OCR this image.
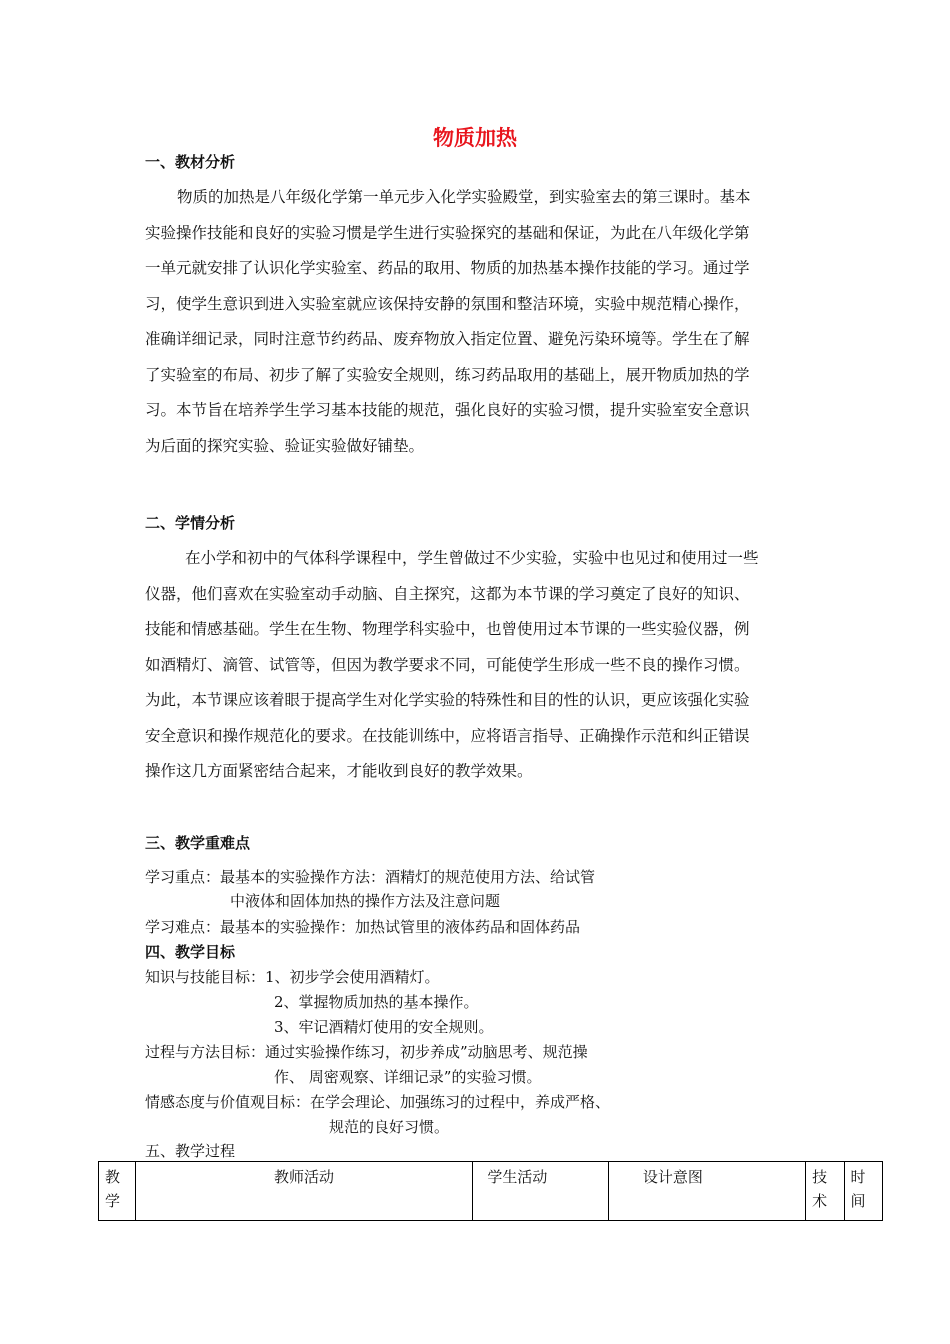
物质加热
一、教材分析
物质的加热是八年级化学第一单元步入化学实验殿堂，到实验室去的第三课时。基本
实验操作技能和良好的实验习惯是学生进行实验探究的基础和保证，为此在八年级化学第
一单元就安排了认识化学实验室、药品的取用、物质的加热基本操作技能的学习。通过学
习，使学生意识到进入实验室就应该保持安静的氛围和整洁环境，实验中规范精心操作，
准确详细记录，同时注意节约药品、废弃物放入指定位置、避免污染环境等。学生在了解
了实验室的布局、初步了解了实验安全规则，练习药品取用的基础上，展开物质加热的学
习。本节旨在培养学生学习基本技能的规范，强化良好的实验习惯，提升实验室安全意识
为后面的探究实验、验证实验做好铺垫。
二、学情分析
在小学和初中的气体科学课程中，学生曾做过不少实验，实验中也见过和使用过一些
仪器，他们喜欢在实验室动手动脑、自主探究，这都为本节课的学习奠定了良好的知识、
技能和情感基础。学生在生物、物理学科实验中，也曾使用过本节课的一些实验仪器，例
如酒精灯、滴管、试管等，但因为教学要求不同，可能使学生形成一些不良的操作习惯。
为此，本节课应该着眼于提高学生对化学实验的特殊性和目的性的认识，更应该强化实验
安全意识和操作规范化的要求。在技能训练中，应将语言指导、正确操作示范和纠正错误
操作这几方面紧密结合起来，才能收到良好的教学效果。
三、教学重难点
学习重点：最基本的实验操作方法：酒精灯的规范使用方法、给试管
中液体和固体加热的操作方法及注意问题
学习难点：最基本的实验操作：加热试管里的液体药品和固体药品
四、教学目标
知识与技能目标：1、初步学会使用酒精灯。
2、掌握物质加热的基本操作。
3、牢记酒精灯使用的安全规则。
过程与方法目标：通过实验操作练习，初步养成”动脑思考、规范操
作、 周密观察、详细记录”的实验习惯。
情感态度与价值观目标：在学会理论、加强练习的过程中，养成严格、
规范的良好习惯。
五、教学过程
教学	教师活动	学生活动	设计意图	技术	时间
